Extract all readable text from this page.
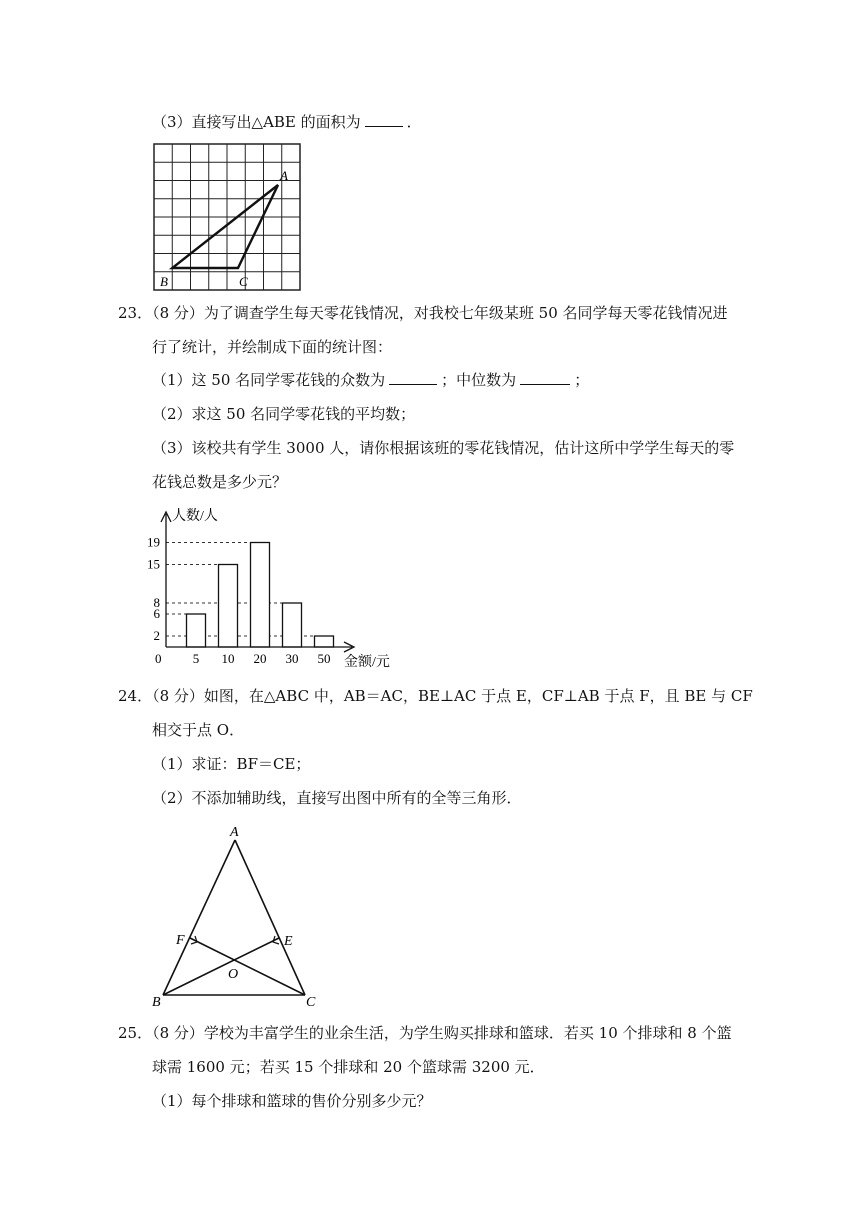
（3）直接写出△ABE 的面积为	．
A
B	C
23．（8 分）为了调查学生每天零花钱情况，对我校七年级某班 50 名同学每天零花钱情况进
行了统计，并绘制成下面的统计图：
（1）这 50 名同学零花钱的众数为	；中位数为	；
（2）求这 50 名同学零花钱的平均数；
（3）该校共有学生 3000 人，请你根据该班的零花钱情况，估计这所中学学生每天的零
花钱总数是多少元？
人数/人
金额/元
0
2
6
8
15
19
5 10 20 30 50
24．（8 分）如图，在△ABC 中，AB＝AC，BE⊥AC 于点 E，CF⊥AB 于点 F，且 BE 与 CF
相交于点 O．
（1）求证：BF＝CE；
（2）不添加辅助线，直接写出图中所有的全等三角形．
A
B	C
E
F
O
25．（8 分）学校为丰富学生的业余生活，为学生购买排球和篮球．若买 10 个排球和 8 个篮
球需 1600 元；若买 15 个排球和 20 个篮球需 3200 元．
（1）每个排球和篮球的售价分别多少元？
